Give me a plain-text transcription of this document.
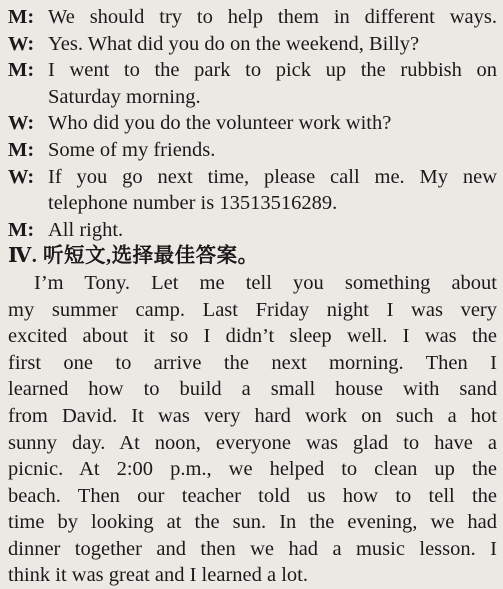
M: We should try to help them in different ways.
W: Yes. What did you do on the weekend, Billy?
M: I went to the park to pick up the rubbish on
Saturday morning.
W: Who did you do the volunteer work with?
M: Some of my friends.
W: If you go next time, please call me. My new
telephone number is 13513516289.
M: All right.
Ⅳ. 听短文,选择最佳答案。
I’m Tony. Let me tell you something about
my summer camp. Last Friday night I was very
excited about it so I didn’t sleep well. I was the
first one to arrive the next morning. Then I
learned how to build a small house with sand
from David. It was very hard work on such a hot
sunny day. At noon, everyone was glad to have a
picnic. At 2:00 p.m., we helped to clean up the
beach. Then our teacher told us how to tell the
time by looking at the sun. In the evening, we had
dinner together and then we had a music lesson. I
think it was great and I learned a lot.
